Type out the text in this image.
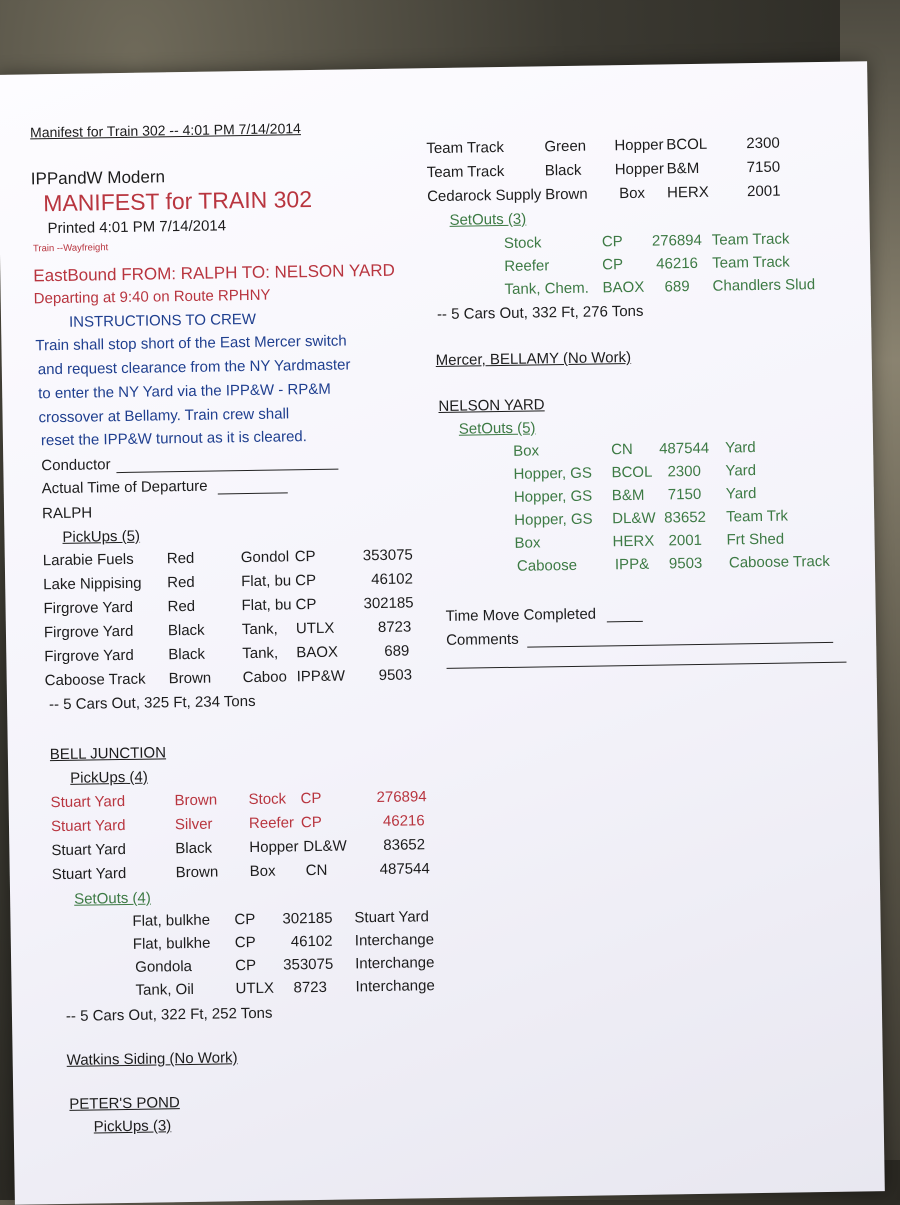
Manifest for Train 302 -- 4:01 PM 7/14/2014
IPPandW Modern
MANIFEST for TRAIN 302
Printed 4:01 PM 7/14/2014
Train --Wayfreight
EastBound FROM: RALPH TO: NELSON YARD
Departing at 9:40 on Route RPHNY
INSTRUCTIONS TO CREW
Train shall stop short of the East Mercer switch
and request clearance from the NY Yardmaster
to enter the NY Yard via the IPP&W - RP&M
crossover at Bellamy. Train crew shall
reset the IPP&W turnout as it is cleared.
Conductor
Actual Time of Departure
RALPH
PickUps (5)
Larabie Fuels Red	Gondol CP	353075
Lake Nippising Red	Flat, bu CP	46102
Firgrove Yard Red	Flat, bu CP	302185
Firgrove Yard Black Tank, UTLX	8723
Firgrove Yard Black Tank, BAOX	689
Caboose Track Brown Caboo IPP&W 9503
-- 5 Cars Out, 325 Ft, 234 Tons
BELL JUNCTION
PickUps (4)
Stuart Yard	Brown Stock CP	276894
Stuart Yard	Silver Reefer CP	46216
Stuart Yard	Black Hopper DL&W 83652
Stuart Yard	Brown Box CN	487544
SetOuts (4)
Flat, bulkhe CP 302185 Stuart Yard
Flat, bulkhe CP 46102 Interchange
Gondola	CP 353075 Interchange
Tank, Oil	UTLX 8723 Interchange
-- 5 Cars Out, 322 Ft, 252 Tons
Watkins Siding (No Work)
PETER'S POND
PickUps (3)
Team Track	Green Hopper BCOL	2300
Team Track	Black Hopper B&M	7150
Cedarock Supply Brown Box HERX	2001
SetOuts (3)
Stock	CP 276894 Team Track
Reefer	CP 46216 Team Track
Tank, Chem. BAOX 689 Chandlers Slud
-- 5 Cars Out, 332 Ft, 276 Tons
Mercer, BELLAMY (No Work)
NELSON YARD
SetOuts (5)
Box	CN 487544 Yard
Hopper, GS BCOL 2300 Yard
Hopper, GS B&M 7150 Yard
Hopper, GS DL&W 83652 Team Trk
Box	HERX 2001 Frt Shed
Caboose	IPP& 9503 Caboose Track
Time Move Completed
Comments
